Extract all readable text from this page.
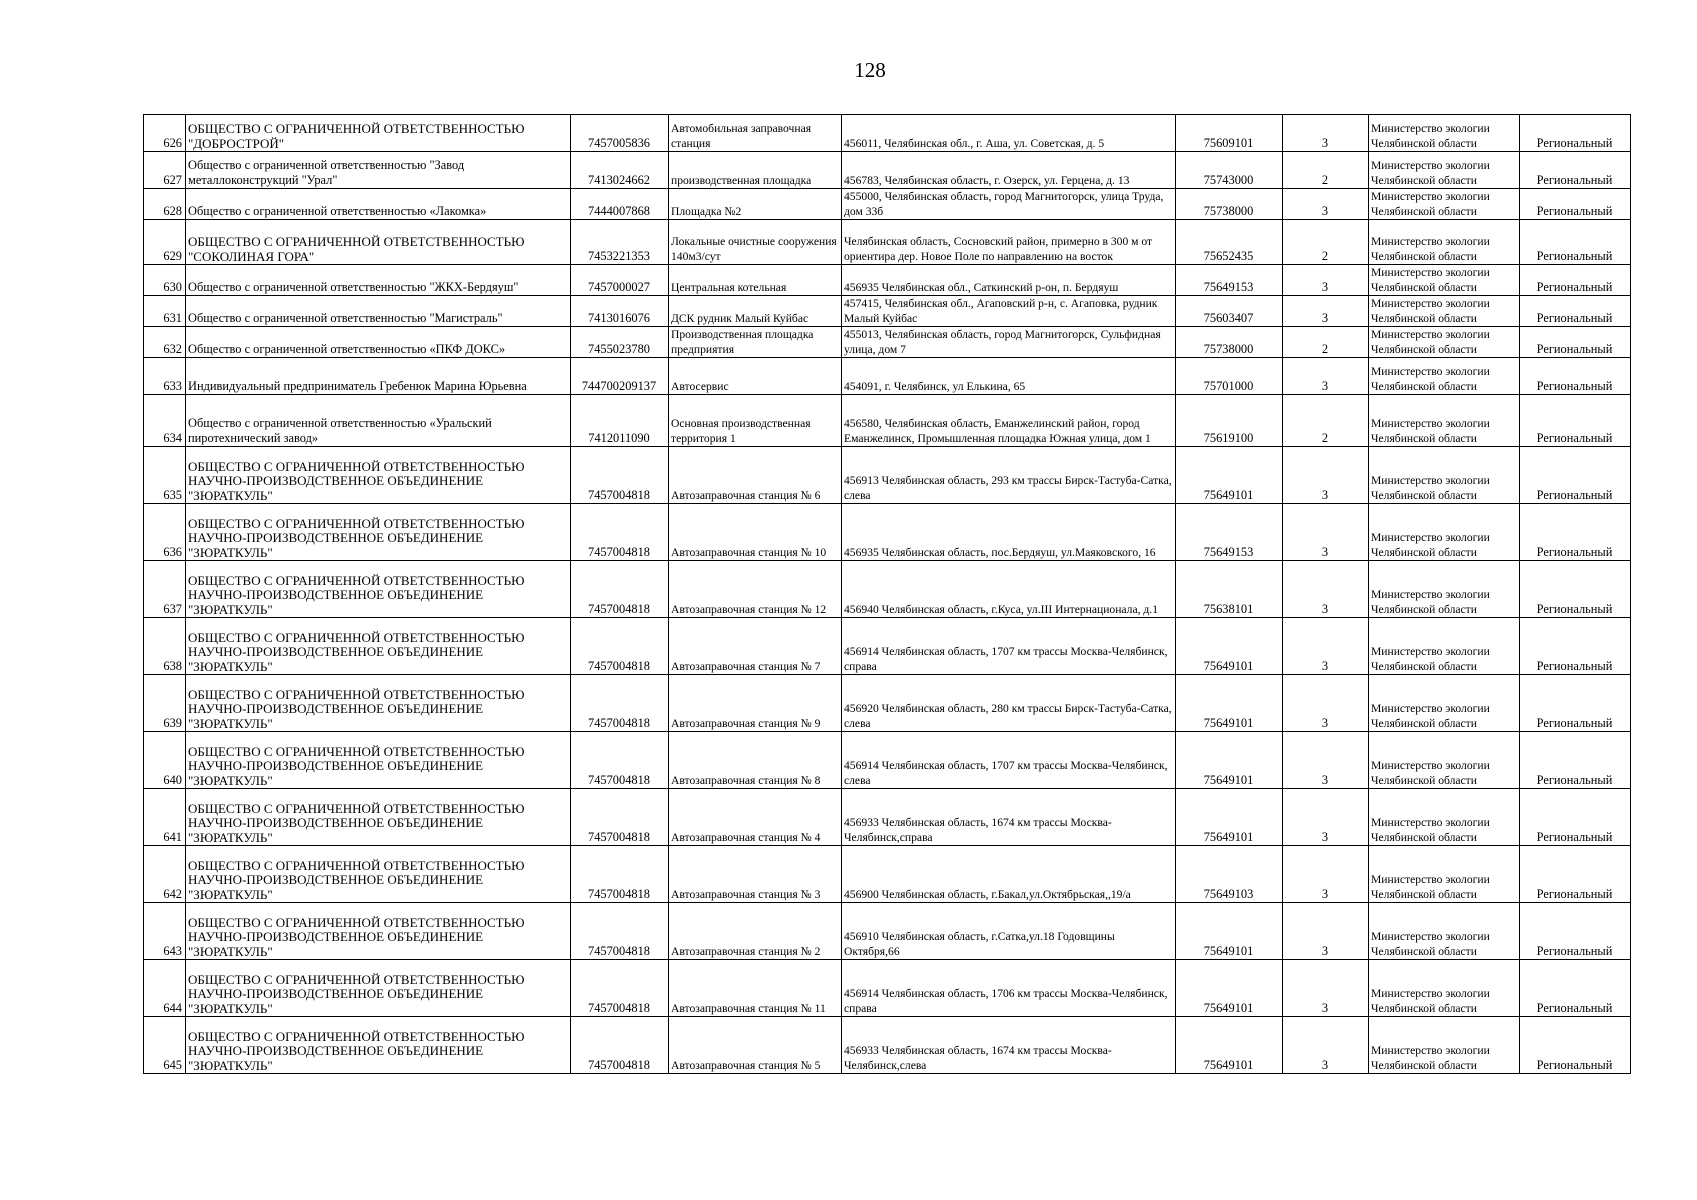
128
626	ОБЩЕСТВО С ОГРАНИЧЕННОЙ ОТВЕТСТВЕННОСТЬЮ "ДОБРОСТРОЙ"	7457005836	Автомобильная заправочная станция	456011, Челябинская обл., г. Аша, ул. Советская, д. 5	75609101	3	Министерство экологии Челябинской области	Региональный
627	Общество с ограниченной ответственностью "Завод металлоконструкций "Урал"	7413024662	производственная площадка	456783, Челябинская область, г. Озерск, ул. Герцена, д. 13	75743000	2	Министерство экологии Челябинской области	Региональный
628	Общество с ограниченной ответственностью «Лакомка»	7444007868	Площадка №2	455000, Челябинская область, город Магнитогорск, улица Труда, дом 33б	75738000	3	Министерство экологии Челябинской области	Региональный
629	ОБЩЕСТВО С ОГРАНИЧЕННОЙ ОТВЕТСТВЕННОСТЬЮ "СОКОЛИНАЯ ГОРА"	7453221353	Локальные очистные сооружения 140м3/сут	Челябинская область, Сосновский район, примерно в 300 м от ориентира дер. Новое Поле по направлению на восток	75652435	2	Министерство экологии Челябинской области	Региональный
630	Общество с ограниченной ответственностью "ЖКХ-Бердяуш"	7457000027	Центральная котельная	456935 Челябинская обл., Саткинский р-он, п. Бердяуш	75649153	3	Министерство экологии Челябинской области	Региональный
631	Общество с ограниченной ответственностью "Магистраль"	7413016076	ДСК рудник Малый Куйбас	457415, Челябинская обл., Агаповский р-н, с. Агаповка, рудник Малый Куйбас	75603407	3	Министерство экологии Челябинской области	Региональный
632	Общество с ограниченной ответственностью «ПКФ ДОКС»	7455023780	Производственная площадка предприятия	455013, Челябинская область, город Магнитогорск, Сульфидная улица, дом 7	75738000	2	Министерство экологии Челябинской области	Региональный
633	Индивидуальный предприниматель Гребенюк Марина Юрьевна	744700209137	Автосервис	454091, г. Челябинск, ул Елькина, 65	75701000	3	Министерство экологии Челябинской области	Региональный
634	Общество с ограниченной ответственностью «Уральский пиротехнический завод»	7412011090	Основная производственная территория 1	456580, Челябинская область, Еманжелинский район, город Еманжелинск, Промышленная площадка Южная улица, дом 1	75619100	2	Министерство экологии Челябинской области	Региональный
635	ОБЩЕСТВО С ОГРАНИЧЕННОЙ ОТВЕТСТВЕННОСТЬЮ НАУЧНО-ПРОИЗВОДСТВЕННОЕ ОБЪЕДИНЕНИЕ "ЗЮРАТКУЛЬ"	7457004818	Автозаправочная станция № 6	456913 Челябинская область, 293 км трассы Бирск-Тастуба-Сатка, слева	75649101	3	Министерство экологии Челябинской области	Региональный
636	ОБЩЕСТВО С ОГРАНИЧЕННОЙ ОТВЕТСТВЕННОСТЬЮ НАУЧНО-ПРОИЗВОДСТВЕННОЕ ОБЪЕДИНЕНИЕ "ЗЮРАТКУЛЬ"	7457004818	Автозаправочная станция № 10	456935 Челябинская область, пос.Бердяуш, ул.Маяковского, 16	75649153	3	Министерство экологии Челябинской области	Региональный
637	ОБЩЕСТВО С ОГРАНИЧЕННОЙ ОТВЕТСТВЕННОСТЬЮ НАУЧНО-ПРОИЗВОДСТВЕННОЕ ОБЪЕДИНЕНИЕ "ЗЮРАТКУЛЬ"	7457004818	Автозаправочная станция № 12	456940 Челябинская область, г.Куса, ул.III Интернационала, д.1	75638101	3	Министерство экологии Челябинской области	Региональный
638	ОБЩЕСТВО С ОГРАНИЧЕННОЙ ОТВЕТСТВЕННОСТЬЮ НАУЧНО-ПРОИЗВОДСТВЕННОЕ ОБЪЕДИНЕНИЕ "ЗЮРАТКУЛЬ"	7457004818	Автозаправочная станция № 7	456914 Челябинская область, 1707 км трассы Москва-Челябинск, справа	75649101	3	Министерство экологии Челябинской области	Региональный
639	ОБЩЕСТВО С ОГРАНИЧЕННОЙ ОТВЕТСТВЕННОСТЬЮ НАУЧНО-ПРОИЗВОДСТВЕННОЕ ОБЪЕДИНЕНИЕ "ЗЮРАТКУЛЬ"	7457004818	Автозаправочная станция № 9	456920 Челябинская область, 280 км трассы Бирск-Тастуба-Сатка, слева	75649101	3	Министерство экологии Челябинской области	Региональный
640	ОБЩЕСТВО С ОГРАНИЧЕННОЙ ОТВЕТСТВЕННОСТЬЮ НАУЧНО-ПРОИЗВОДСТВЕННОЕ ОБЪЕДИНЕНИЕ "ЗЮРАТКУЛЬ"	7457004818	Автозаправочная станция № 8	456914 Челябинская область, 1707 км трассы Москва-Челябинск, слева	75649101	3	Министерство экологии Челябинской области	Региональный
641	ОБЩЕСТВО С ОГРАНИЧЕННОЙ ОТВЕТСТВЕННОСТЬЮ НАУЧНО-ПРОИЗВОДСТВЕННОЕ ОБЪЕДИНЕНИЕ "ЗЮРАТКУЛЬ"	7457004818	Автозаправочная станция № 4	456933 Челябинская область, 1674 км трассы Москва-Челябинск,справа	75649101	3	Министерство экологии Челябинской области	Региональный
642	ОБЩЕСТВО С ОГРАНИЧЕННОЙ ОТВЕТСТВЕННОСТЬЮ НАУЧНО-ПРОИЗВОДСТВЕННОЕ ОБЪЕДИНЕНИЕ "ЗЮРАТКУЛЬ"	7457004818	Автозаправочная станция № 3	456900 Челябинская область, г.Бакал,ул.Октябрьская,,19/а	75649103	3	Министерство экологии Челябинской области	Региональный
643	ОБЩЕСТВО С ОГРАНИЧЕННОЙ ОТВЕТСТВЕННОСТЬЮ НАУЧНО-ПРОИЗВОДСТВЕННОЕ ОБЪЕДИНЕНИЕ "ЗЮРАТКУЛЬ"	7457004818	Автозаправочная станция № 2	456910 Челябинская область, г.Сатка,ул.18 Годовщины Октября,66	75649101	3	Министерство экологии Челябинской области	Региональный
644	ОБЩЕСТВО С ОГРАНИЧЕННОЙ ОТВЕТСТВЕННОСТЬЮ НАУЧНО-ПРОИЗВОДСТВЕННОЕ ОБЪЕДИНЕНИЕ "ЗЮРАТКУЛЬ"	7457004818	Автозаправочная станция № 11	456914 Челябинская область, 1706 км трассы Москва-Челябинск, справа	75649101	3	Министерство экологии Челябинской области	Региональный
645	ОБЩЕСТВО С ОГРАНИЧЕННОЙ ОТВЕТСТВЕННОСТЬЮ НАУЧНО-ПРОИЗВОДСТВЕННОЕ ОБЪЕДИНЕНИЕ "ЗЮРАТКУЛЬ"	7457004818	Автозаправочная станция № 5	456933 Челябинская область, 1674 км трассы Москва-Челябинск,слева	75649101	3	Министерство экологии Челябинской области	Региональный
